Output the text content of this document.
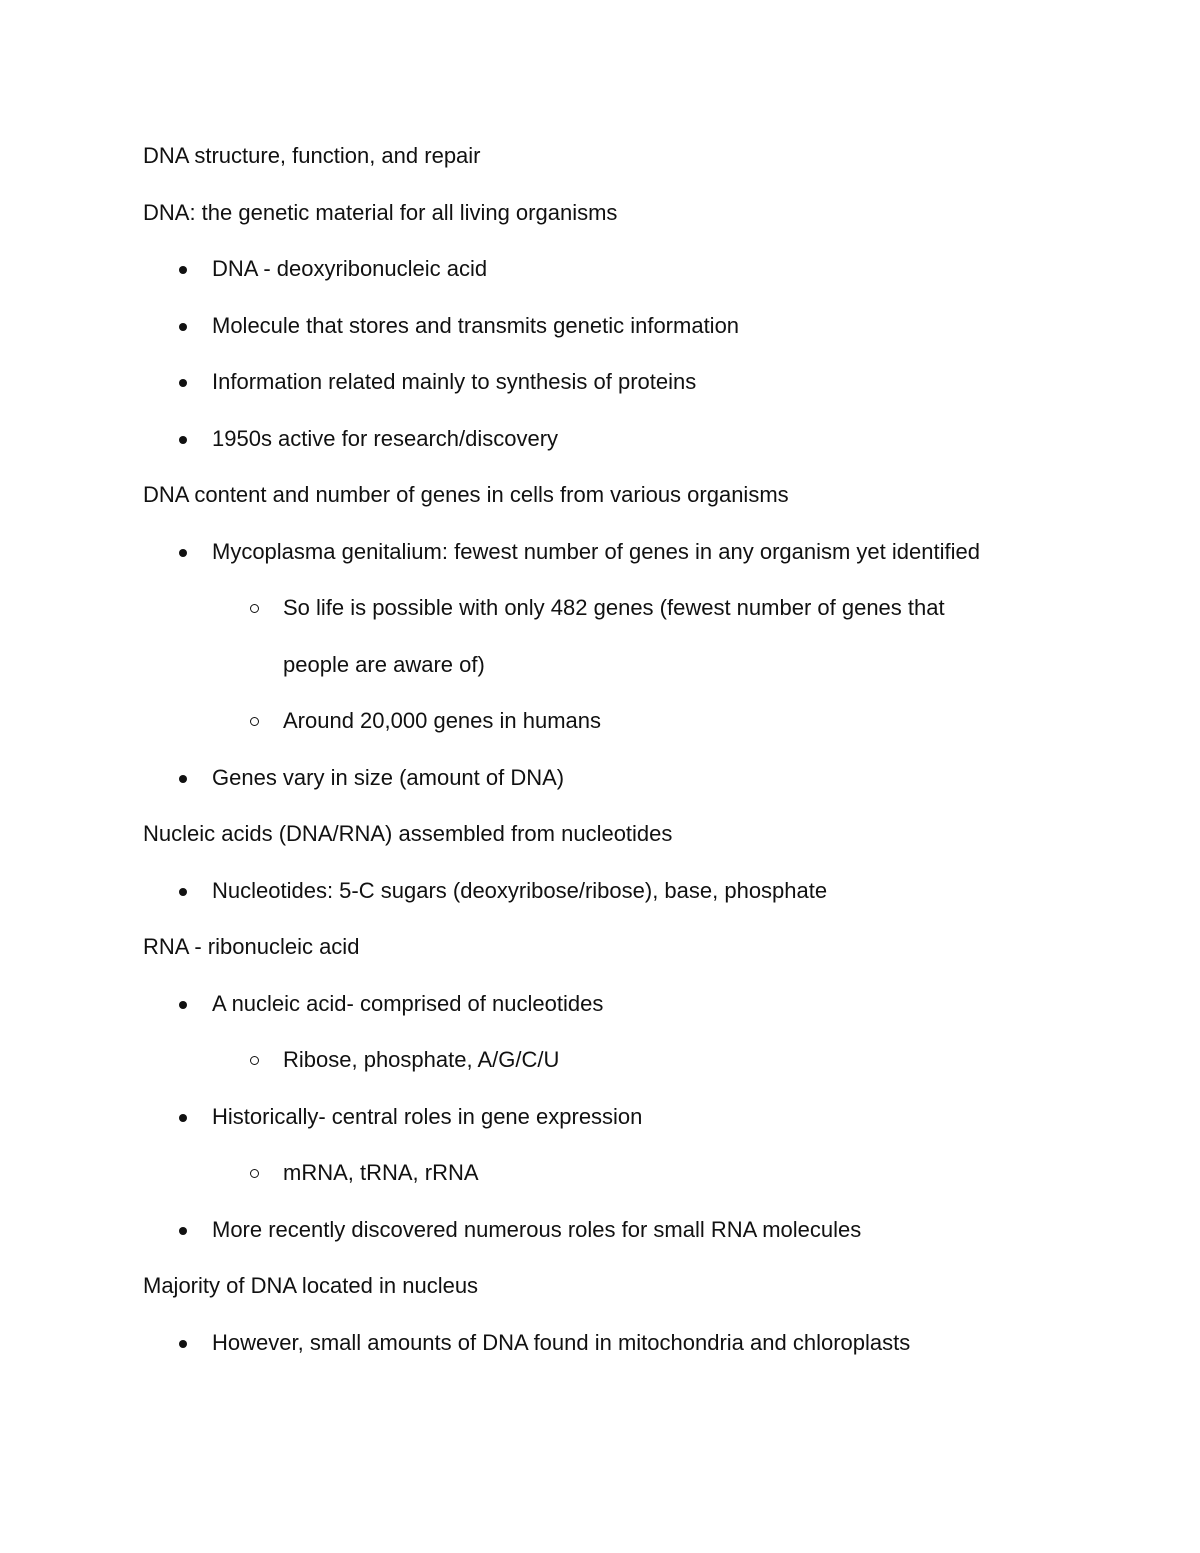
DNA structure, function, and repair
DNA: the genetic material for all living organisms
DNA - deoxyribonucleic acid
Molecule that stores and transmits genetic information
Information related mainly to synthesis of proteins
1950s active for research/discovery
DNA content and number of genes in cells from various organisms
Mycoplasma genitalium: fewest number of genes in any organism yet identified
So life is possible with only 482 genes (fewest number of genes that
people are aware of)
Around 20,000 genes in humans
Genes vary in size (amount of DNA)
Nucleic acids (DNA/RNA) assembled from nucleotides
Nucleotides: 5-C sugars (deoxyribose/ribose), base, phosphate
RNA - ribonucleic acid
A nucleic acid- comprised of nucleotides
Ribose, phosphate, A/G/C/U
Historically- central roles in gene expression
mRNA, tRNA, rRNA
More recently discovered numerous roles for small RNA molecules
Majority of DNA located in nucleus
However, small amounts of DNA found in mitochondria and chloroplasts
